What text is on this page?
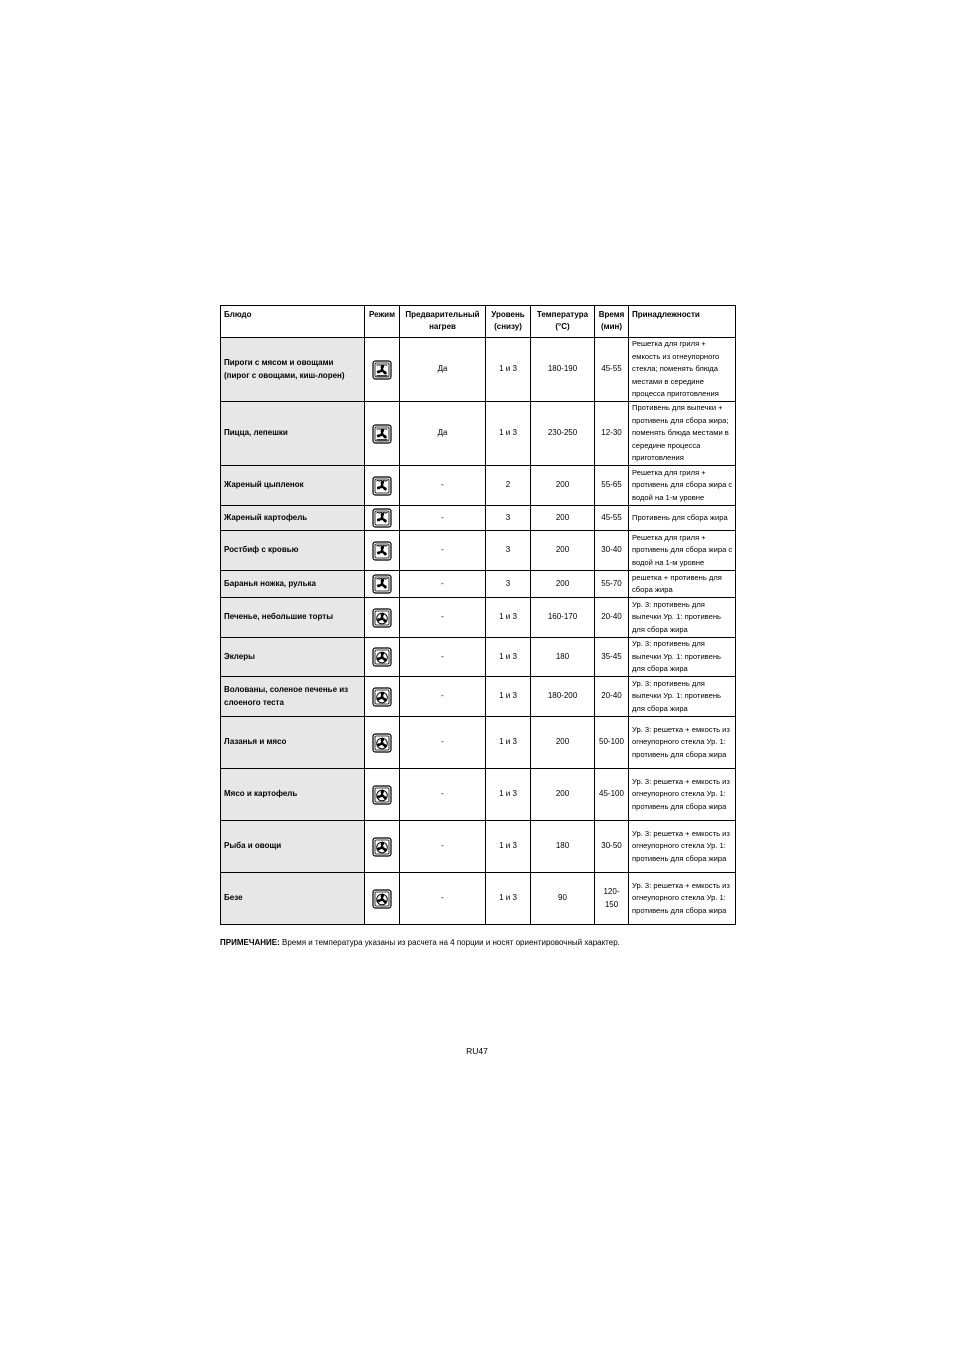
Блюдо	Режим	Предварительный нагрев	Уровень (снизу)	Температура (°C)	Время (мин)	Принадлежности
Пироги с мясом и овощами (пирог с овощами, киш-лорен)		Да	1 и 3	180-190	45-55	Решетка для гриля + емкость из огнеупорного стекла; поменять блюда местами в середине процесса приготовления
Пицца, лепешки		Да	1 и 3	230-250	12-30	Противень для выпечки + противень для сбора жира; поменять блюда местами в середине процесса приготовления
Жареный цыпленок		-	2	200	55-65	Решетка для гриля + противень для сбора жира с водой на 1-м уровне
Жареный картофель		-	3	200	45-55	Противень для сбора жира
Ростбиф с кровью		-	3	200	30-40	Решетка для гриля + противень для сбора жира с водой на 1-м уровне
Баранья ножка, рулька		-	3	200	55-70	решетка + противень для сбора жира
Печенье, небольшие торты		-	1 и 3	160-170	20-40	Ур. 3: противень для выпечки Ур. 1: противень для сбора жира
Эклеры		-	1 и 3	180	35-45	Ур. 3: противень для выпечки Ур. 1: противень для сбора жира
Волованы, соленое печенье из слоеного теста		-	1 и 3	180-200	20-40	Ур. 3: противень для выпечки Ур. 1: противень для сбора жира
Лазанья и мясо		-	1 и 3	200	50-100	Ур. 3: решетка + емкость из огнеупорного стекла Ур. 1: противень для сбора жира
Мясо и картофель		-	1 и 3	200	45-100	Ур. 3: решетка + емкость из огнеупорного стекла Ур. 1: противень для сбора жира
Рыба и овощи		-	1 и 3	180	30-50	Ур. 3: решетка + емкость из огнеупорного стекла Ур. 1: противень для сбора жира
Безе		-	1 и 3	90	120-150	Ур. 3: решетка + емкость из огнеупорного стекла Ур. 1: противень для сбора жира
ПРИМЕЧАНИЕ: Время и температура указаны из расчета на 4 порции и носят ориентировочный характер.
RU47
